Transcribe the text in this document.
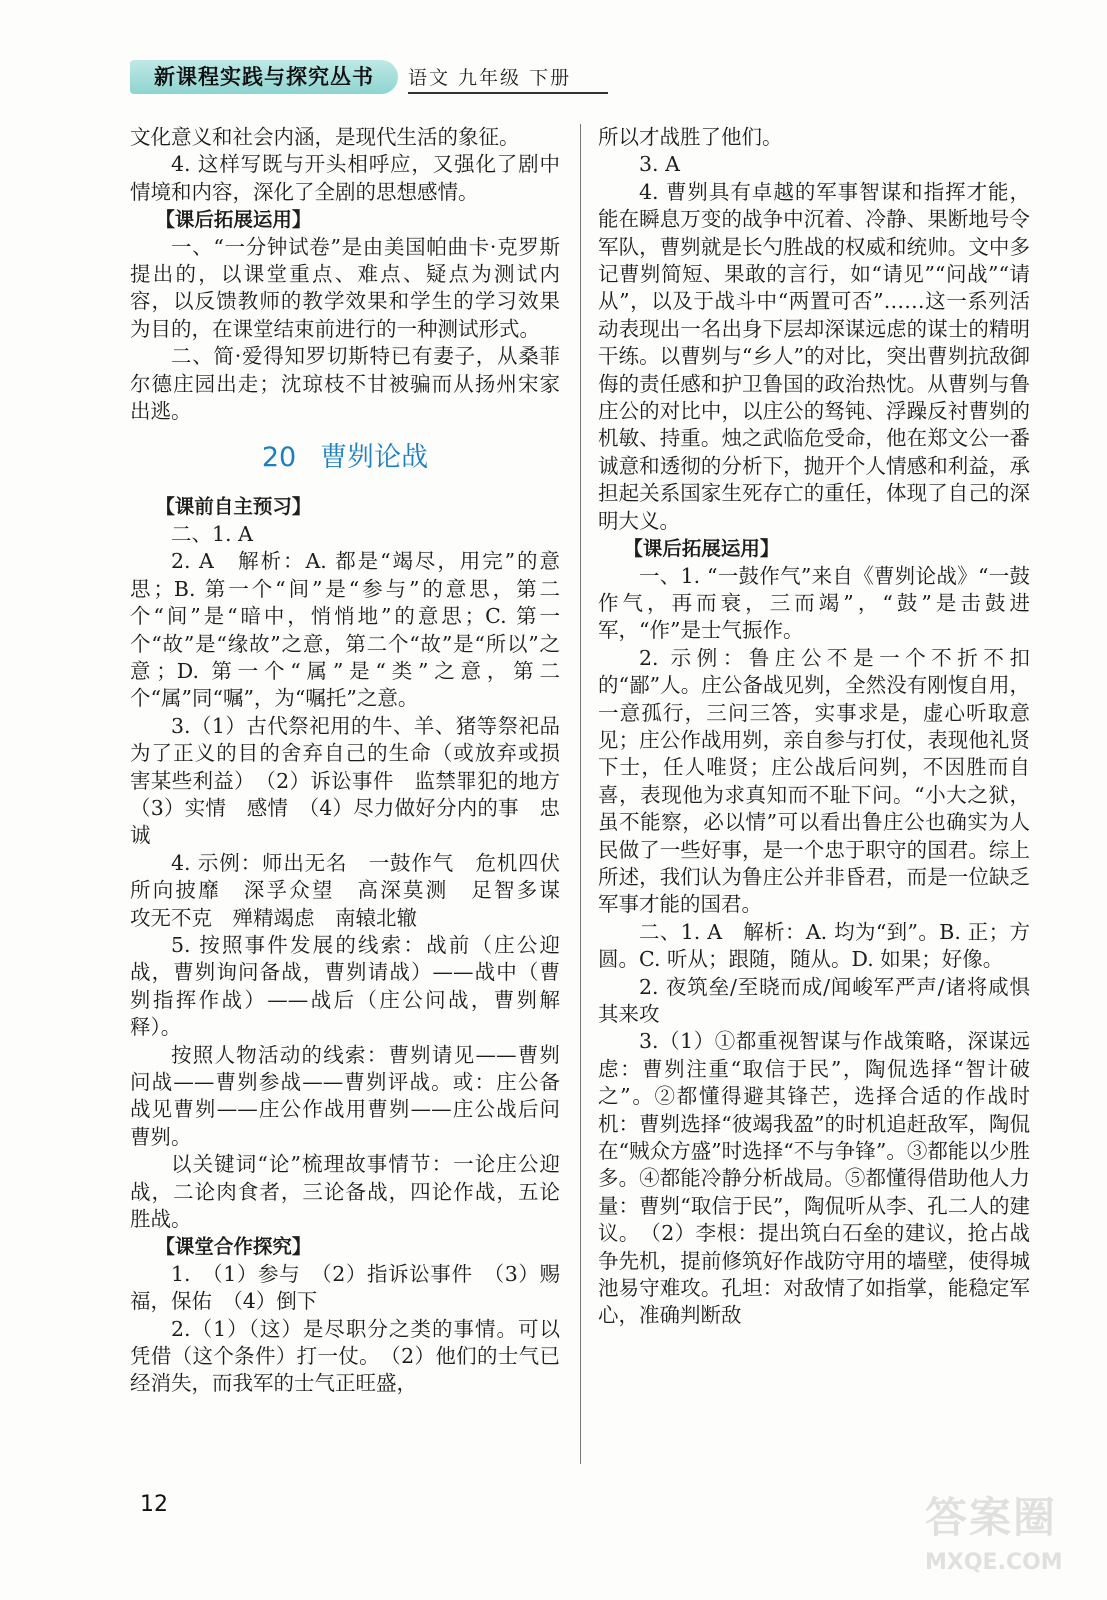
新课程实践与探究丛书	语文 九年级 下册

文化意义和社会内涵，是现代生活的象征。

4. 这样写既与开头相呼应，又强化了剧中情境和内容，深化了全剧的思想感情。

【课后拓展运用】

一、“一分钟试卷”是由美国帕曲卡·克罗斯提出的，以课堂重点、难点、疑点为测试内容，以反馈教师的教学效果和学生的学习效果为目的，在课堂结束前进行的一种测试形式。

二、简·爱得知罗切斯特已有妻子，从桑菲尔德庄园出走；沈琼枝不甘被骗而从扬州宋家出逃。

20 曹刿论战

【课前自主预习】

二、1. A

2. A　解析：A. 都是“竭尽，用完”的意思；B. 第一个“间”是“参与”的意思，第二个“间”是“暗中，悄悄地”的意思；C. 第一个“故”是“缘故”之意，第二个“故”是“所以”之意；D. 第一个“属”是“类”之意，第二个“属”同“嘱”，为“嘱托”之意。

3.（1）古代祭祀用的牛、羊、猪等祭祀品　为了正义的目的舍弃自己的生命（或放弃或损害某些利益）　（2）诉讼事件　监禁罪犯的地方　（3）实情　感情　（4）尽力做好分内的事　忠诚

4. 示例：师出无名　一鼓作气　危机四伏　所向披靡　深孚众望　高深莫测　足智多谋　攻无不克　殚精竭虑　南辕北辙

5. 按照事件发展的线索：战前（庄公迎战，曹刿询问备战，曹刿请战）——战中（曹刿指挥作战）——战后（庄公问战，曹刿解释）。

按照人物活动的线索：曹刿请见——曹刿问战——曹刿参战——曹刿评战。或：庄公备战见曹刿——庄公作战用曹刿——庄公战后问曹刿。

以关键词“论”梳理故事情节：一论庄公迎战，二论肉食者，三论备战，四论作战，五论胜战。

【课堂合作探究】

1.　（1）参与　（2）指诉讼事件　（3）赐福，保佑　（4）倒下

2.（1）（这）是尽职分之类的事情。可以凭借（这个条件）打一仗。　（2）他们的士气已经消失，而我军的士气正旺盛，

所以才战胜了他们。

3. A

4. 曹刿具有卓越的军事智谋和指挥才能，能在瞬息万变的战争中沉着、冷静、果断地号令军队，曹刿就是长勺胜战的权威和统帅。文中多记曹刿简短、果敢的言行，如“请见”“问战”“请从”，以及于战斗中“两置可否”……这一系列活动表现出一名出身下层却深谋远虑的谋士的精明干练。以曹刿与“乡人”的对比，突出曹刿抗敌御侮的责任感和护卫鲁国的政治热忱。从曹刿与鲁庄公的对比中，以庄公的驽钝、浮躁反衬曹刿的机敏、持重。烛之武临危受命，他在郑文公一番诚意和透彻的分析下，抛开个人情感和利益，承担起关系国家生死存亡的重任，体现了自己的深明大义。

【课后拓展运用】

一、1. “一鼓作气”来自《曹刿论战》“一鼓作气，再而衰，三而竭”，“鼓”是击鼓进军，“作”是士气振作。

2. 示例：鲁庄公不是一个不折不扣的“鄙”人。庄公备战见刿，全然没有刚愎自用，一意孤行，三问三答，实事求是，虚心听取意见；庄公作战用刿，亲自参与打仗，表现他礼贤下士，任人唯贤；庄公战后问刿，不因胜而自喜，表现他为求真知而不耻下问。“小大之狱，虽不能察，必以情”可以看出鲁庄公也确实为人民做了一些好事，是一个忠于职守的国君。综上所述，我们认为鲁庄公并非昏君，而是一位缺乏军事才能的国君。

二、1. A　解析：A. 均为“到”。B. 正；方圆。C. 听从；跟随，随从。D. 如果；好像。

2. 夜筑垒/至晓而成/闻峻军严声/诸将咸惧其来攻

3.（1）①都重视智谋与作战策略，深谋远虑：曹刿注重“取信于民”，陶侃选择“智计破之”。②都懂得避其锋芒，选择合适的作战时机：曹刿选择“彼竭我盈”的时机追赶敌军，陶侃在“贼众方盛”时选择“不与争锋”。③都能以少胜多。④都能冷静分析战局。⑤都懂得借助他人力量：曹刿“取信于民”，陶侃听从李、孔二人的建议。　（2）李根：提出筑白石垒的建议，抢占战争先机，提前修筑好作战防守用的墙壁，使得城池易守难攻。孔坦：对敌情了如指掌，能稳定军心，准确判断敌

12	答案圈
MXQE.COM
